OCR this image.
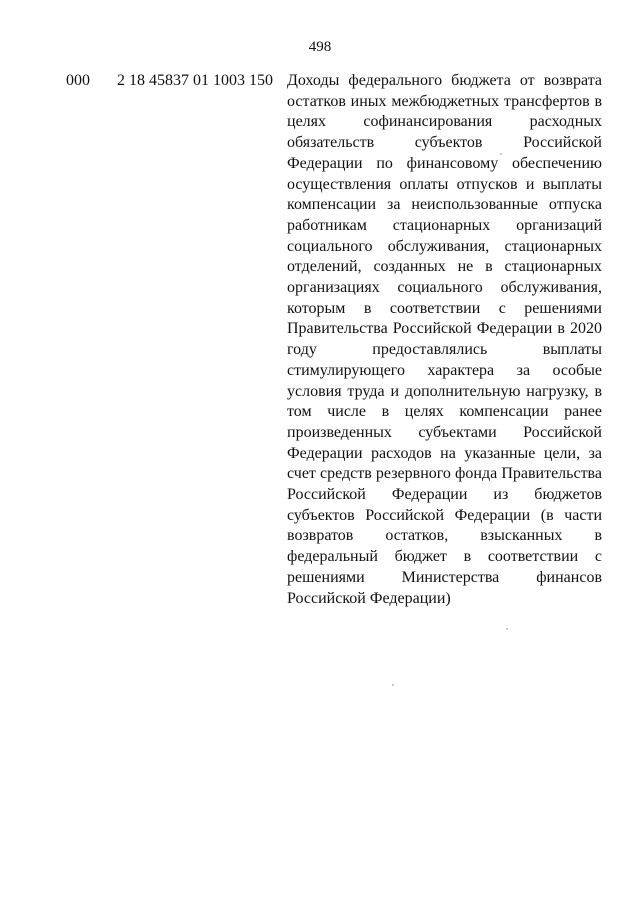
498
000 2 18 45837 01 1003 150 Доходы федерального бюджета от возврата остатков иных межбюджетных трансфертов в целях софинансирования расходных обязательств субъектов Российской Федерации по финансовому обеспечению осуществления оплаты отпусков и выплаты компенсации за неиспользованные отпуска работникам стационарных организаций социального обслуживания, стационарных отделений, созданных не в стационарных организациях социального обслуживания, которым в соответствии с решениями Правительства Российской Федерации в 2020 году предоставлялись выплаты стимулирующего характера за особые условия труда и дополнительную нагрузку, в том числе в целях компенсации ранее произведенных субъектами Российской Федерации расходов на указанные цели, за счет средств резервного фонда Правительства Российской Федерации из бюджетов субъектов Российской Федерации (в части возвратов остатков, взысканных в федеральный бюджет в соответствии с решениями Министерства финансов Российской Федерации)
